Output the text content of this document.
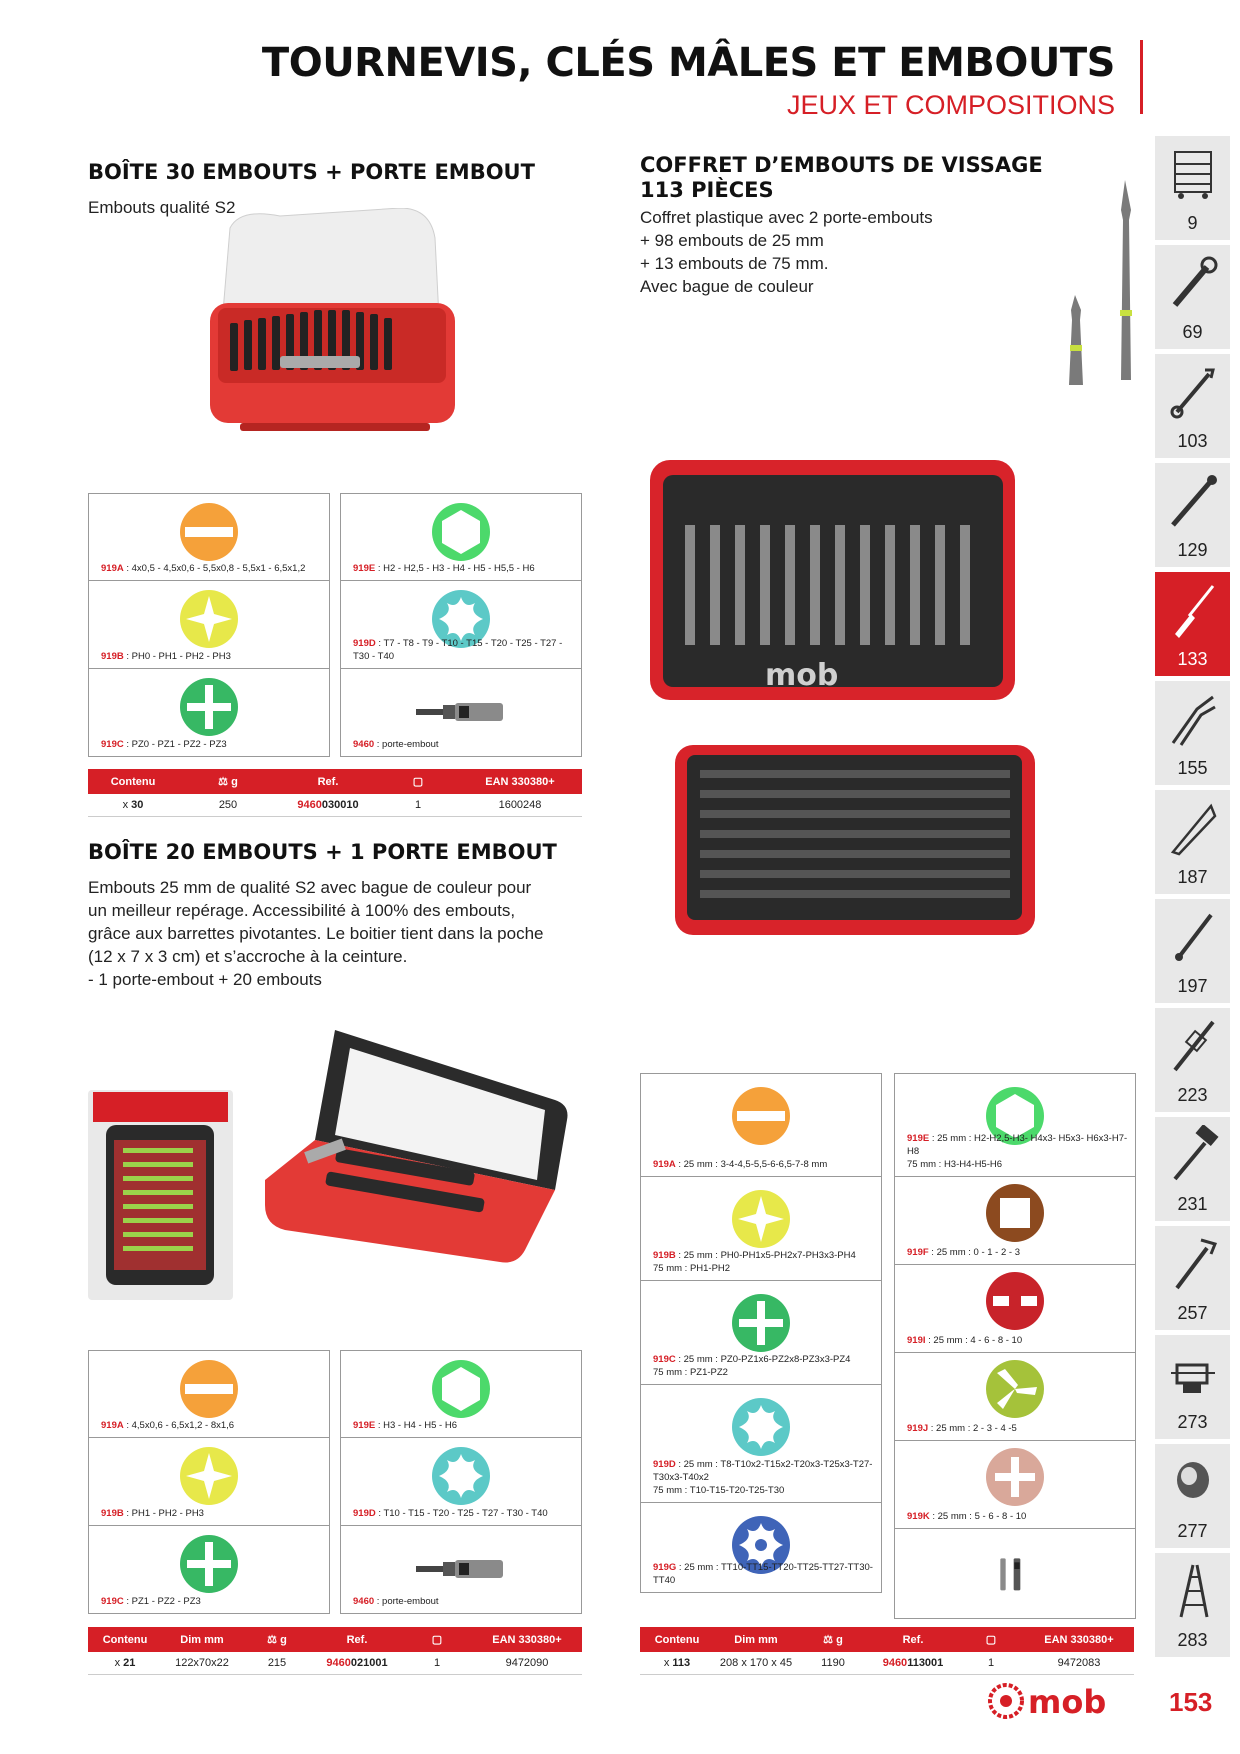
TOURNEVIS, CLÉS MÂLES ET EMBOUTS
JEUX ET COMPOSITIONS
BOÎTE 30 EMBOUTS + PORTE EMBOUT
Embouts qualité S2
919A : 4x0,5 - 4,5x0,6 - 5,5x0,8 - 5,5x1 - 6,5x1,2
919B : PH0 - PH1 - PH2 - PH3
919C : PZ0 - PZ1 - PZ2 - PZ3
919E : H2 - H2,5 - H3 - H4 - H5 - H5,5 - H6
919D : T7 - T8 - T9 - T10 - T15 - T20 - T25 - T27 - T30 - T40
9460 : porte-embout
Contenu	⚖ g	Ref.	▢	EAN 330380+
x 30	250	9460030010	1	1600248
BOÎTE 20 EMBOUTS + 1 PORTE EMBOUT
Embouts 25 mm de qualité S2 avec bague de couleur pour
un meilleur repérage. Accessibilité à 100% des embouts,
grâce aux barrettes pivotantes. Le boitier tient dans la poche
(12 x 7 x 3 cm) et s’accroche à la ceinture.
- 1 porte-embout + 20 embouts
919A : 4,5x0,6 - 6,5x1,2 - 8x1,6
919B : PH1 - PH2 - PH3
919C : PZ1 - PZ2 - PZ3
919E : H3 - H4 - H5 - H6
919D : T10 - T15 - T20 - T25 - T27 - T30 - T40
9460 : porte-embout
Contenu	Dim mm	⚖ g	Ref.	▢	EAN 330380+
x 21	122x70x22	215	9460021001	1	9472090
COFFRET D’EMBOUTS DE VISSAGE
113 PIÈCES
Coffret plastique avec 2 porte-embouts
+ 98 embouts de 25 mm
+ 13 embouts de 75 mm.
Avec bague de couleur
mob
919A : 25 mm : 3-4-4,5-5,5-6-6,5-7-8 mm
919B : 25 mm : PH0-PH1x5-PH2x7-PH3x3-PH4
75 mm : PH1-PH2
919C : 25 mm : PZ0-PZ1x6-PZ2x8-PZ3x3-PZ4
75 mm : PZ1-PZ2
919D : 25 mm : T8-T10x2-T15x2-T20x3-T25x3-T27-
T30x3-T40x2
75 mm : T10-T15-T20-T25-T30
919G : 25 mm : TT10-TT15-TT20-TT25-TT27-TT30-TT40
919E : 25 mm : H2-H2,5-H3- H4x3- H5x3- H6x3-H7-H8
75 mm : H3-H4-H5-H6
919F : 25 mm : 0 - 1 - 2 - 3
919I : 25 mm : 4 - 6 - 8 - 10
919J : 25 mm : 2 - 3 - 4 -5
919K : 25 mm : 5 - 6 - 8 - 10
Contenu	Dim mm	⚖ g	Ref.	▢	EAN 330380+
x 113	208 x 170 x 45	1190	9460113001	1	9472083
9
69
103
129
133
155
187
197
223
231
257
273
277
283
mob 153
